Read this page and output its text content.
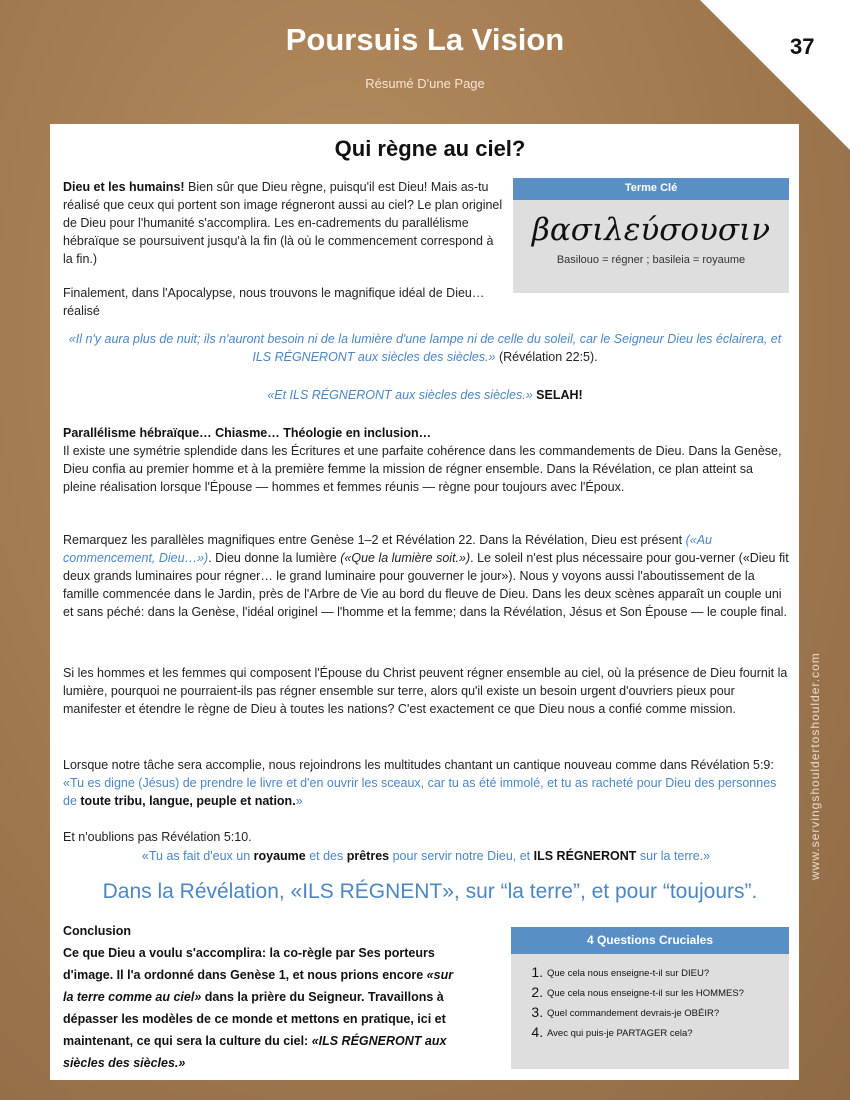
Poursuis La Vision
Résumé D'une Page
37
www.servingshouldertoshoulder.com
Qui règne au ciel?
Terme Clé
βασιλεύσουσιν
Basilouo = régner ; basileia = royaume
Dieu et les humains! Bien sûr que Dieu règne, puisqu'il est Dieu! Mais as-tu réalisé que ceux qui portent son image régneront aussi au ciel? Le plan originel de Dieu pour l'humanité s'accomplira. Les en-cadrements du parallélisme hébraïque se poursuivent jusqu'à la fin (là où le commencement correspond à la fin.)
Finalement, dans l'Apocalypse, nous trouvons le magnifique idéal de Dieu… réalisé
«Il n'y aura plus de nuit; ils n'auront besoin ni de la lumière d'une lampe ni de celle du soleil, car le Seigneur Dieu les éclairera, et ILS RÉGNERONT aux siècles des siècles.» (Révélation 22:5).
«Et ILS RÉGNERONT aux siècles des siècles.» SELAH!
Parallélisme hébraïque… Chiasme… Théologie en inclusion…
Il existe une symétrie splendide dans les Écritures et une parfaite cohérence dans les commandements de Dieu. Dans la Genèse, Dieu confia au premier homme et à la première femme la mission de régner ensemble. Dans la Révélation, ce plan atteint sa pleine réalisation lorsque l'Épouse — hommes et femmes réunis — règne pour toujours avec l'Époux.
Remarquez les parallèles magnifiques entre Genèse 1–2 et Révélation 22. Dans la Révélation, Dieu est présent («Au commencement, Dieu…»). Dieu donne la lumière («Que la lumière soit.»). Le soleil n'est plus nécessaire pour gou-verner («Dieu fit deux grands luminaires pour régner… le grand luminaire pour gouverner le jour»). Nous y voyons aussi l'aboutissement de la famille commencée dans le Jardin, près de l'Arbre de Vie au bord du fleuve de Dieu. Dans les deux scènes apparaît un couple uni et sans péché: dans la Genèse, l'idéal originel — l'homme et la femme; dans la Révélation, Jésus et Son Épouse — le couple final.
Si les hommes et les femmes qui composent l'Épouse du Christ peuvent régner ensemble au ciel, où la présence de Dieu fournit la lumière, pourquoi ne pourraient-ils pas régner ensemble sur terre, alors qu'il existe un besoin urgent d'ouvriers pieux pour manifester et étendre le règne de Dieu à toutes les nations? C'est exactement ce que Dieu nous a confié comme mission.
Lorsque notre tâche sera accomplie, nous rejoindrons les multitudes chantant un cantique nouveau comme dans Révélation 5:9: «Tu es digne (Jésus) de prendre le livre et d'en ouvrir les sceaux, car tu as été immolé, et tu as racheté pour Dieu des personnes de toute tribu, langue, peuple et nation.»
Et n'oublions pas Révélation 5:10.
«Tu as fait d'eux un royaume et des prêtres pour servir notre Dieu, et ILS RÉGNERONT sur la terre.»
Dans la Révélation, «ILS RÉGNENT», sur “la terre”, et pour “toujours”.
Conclusion
Ce que Dieu a voulu s'accomplira: la co-règle par Ses porteurs d'image. Il l'a ordonné dans Genèse 1, et nous prions encore «sur la terre comme au ciel» dans la prière du Seigneur. Travaillons à dépasser les modèles de ce monde et mettons en pratique, ici et maintenant, ce qui sera la culture du ciel: «ILS RÉGNERONT aux siècles des siècles.»
4 Questions Cruciales
1. Que cela nous enseigne-t-il sur DIEU?
2. Que cela nous enseigne-t-il sur les HOMMES?
3. Quel commandement devrais-je OBÉIR?
4. Avec qui puis-je PARTAGER cela?
